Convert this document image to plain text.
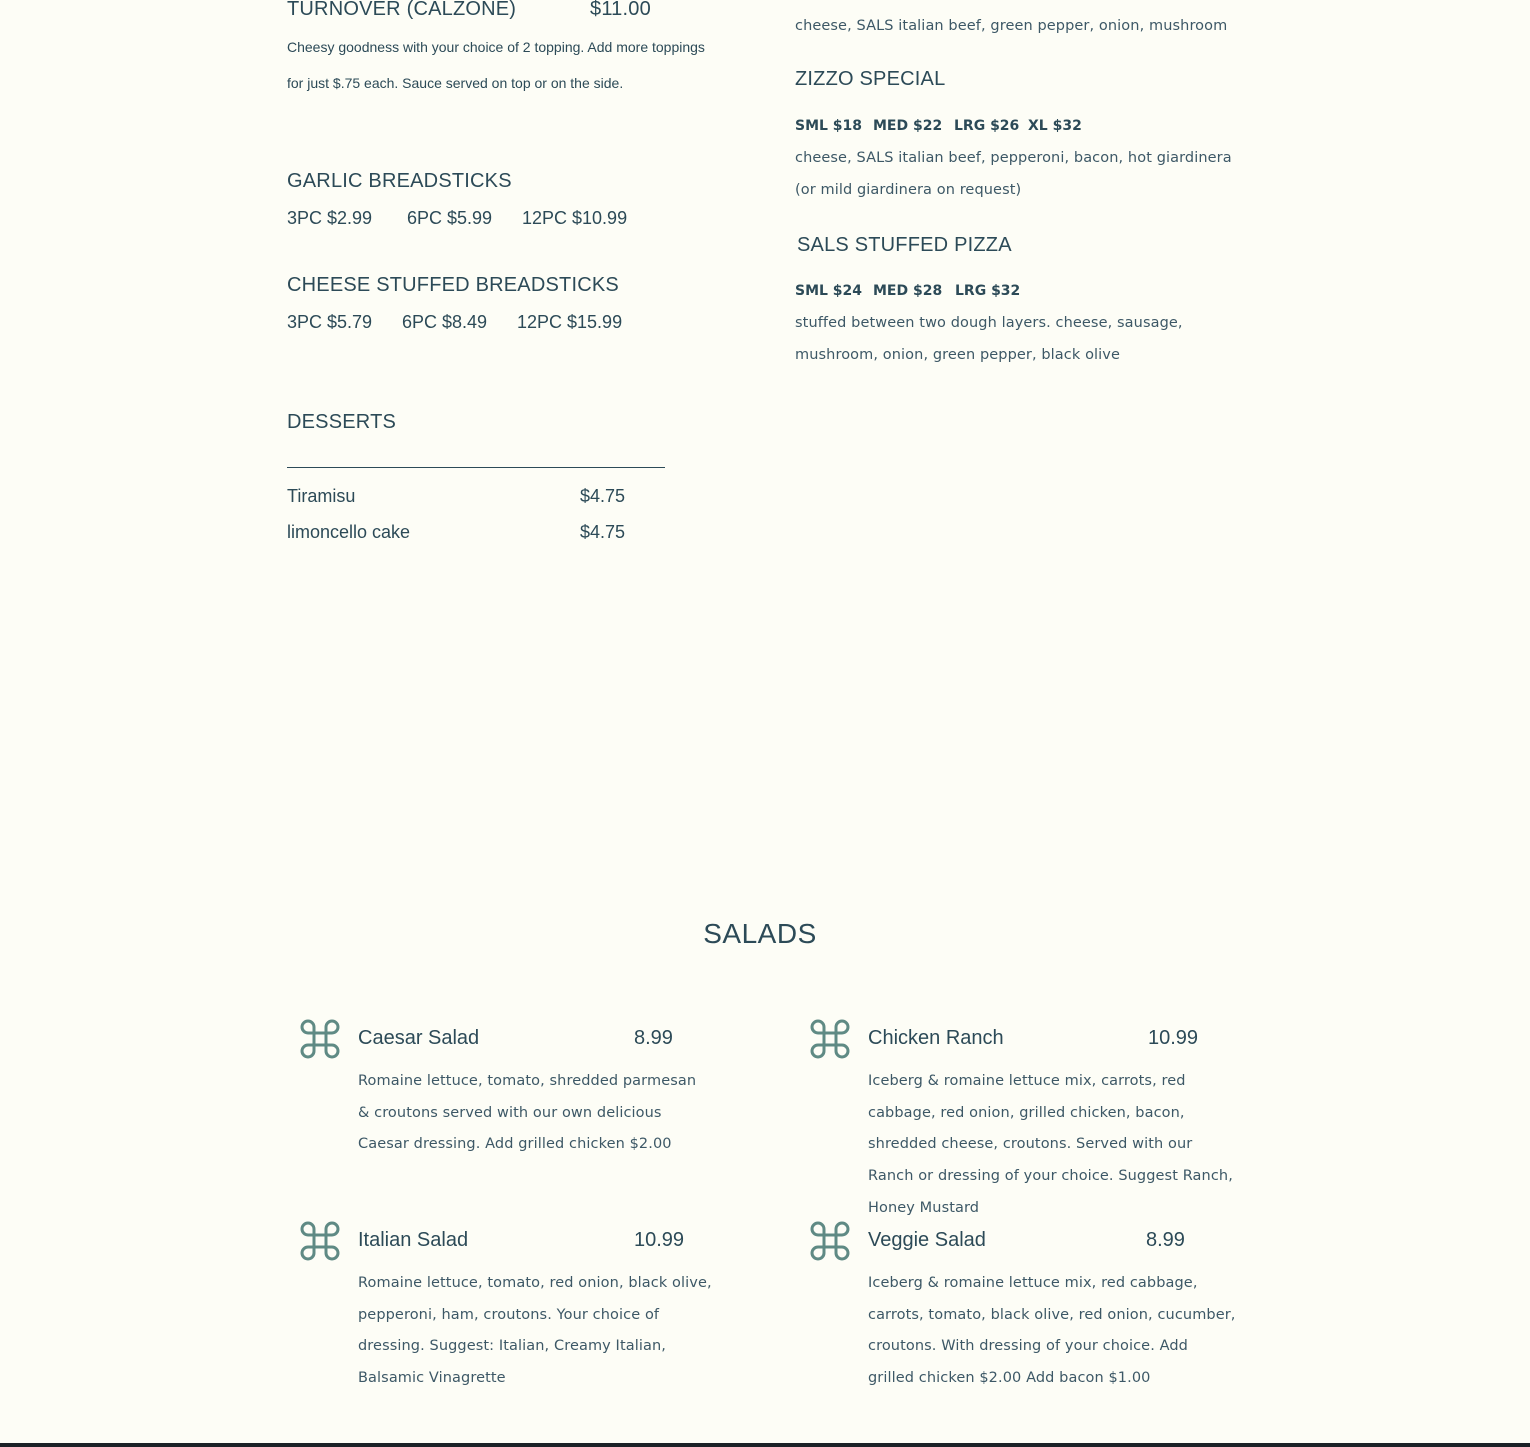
TURNOVER (CALZONE)	$11.00
Cheesy goodness with your choice of 2 topping. Add more toppings
for just $.75 each. Sauce served on top or on the side.
GARLIC BREADSTICKS
3PC $2.99 6PC $5.99 12PC $10.99
CHEESE STUFFED BREADSTICKS
3PC $5.79 6PC $8.49 12PC $15.99
DESSERTS
Tiramisu	$4.75
limoncello cake	$4.75
cheese, SALS italian beef, green pepper, onion, mushroom
ZIZZO SPECIAL
SML $18 MED $22 LRG $26 XL $32
cheese, SALS italian beef, pepperoni, bacon, hot giardinera (or mild giardinera on request)
SALS STUFFED PIZZA
SML $24 MED $28 LRG $32
stuffed between two dough layers. cheese, sausage,
mushroom, onion, green pepper, black olive
SALADS
Caesar Salad	8.99
Romaine lettuce, tomato, shredded parmesan & croutons served with our own delicious Caesar dressing. Add grilled chicken $2.00
Chicken Ranch	10.99
Iceberg & romaine lettuce mix, carrots, red cabbage, red onion, grilled chicken, bacon, shredded cheese, croutons. Served with our Ranch or dressing of your choice. Suggest Ranch, Honey Mustard
Italian Salad	10.99
Romaine lettuce, tomato, red onion, black olive, pepperoni, ham, croutons. Your choice of dressing. Suggest: Italian, Creamy Italian, Balsamic Vinagrette
Veggie Salad	8.99
Iceberg & romaine lettuce mix, red cabbage, carrots, tomato, black olive, red onion, cucumber, croutons. With dressing of your choice. Add grilled chicken $2.00 Add bacon $1.00
